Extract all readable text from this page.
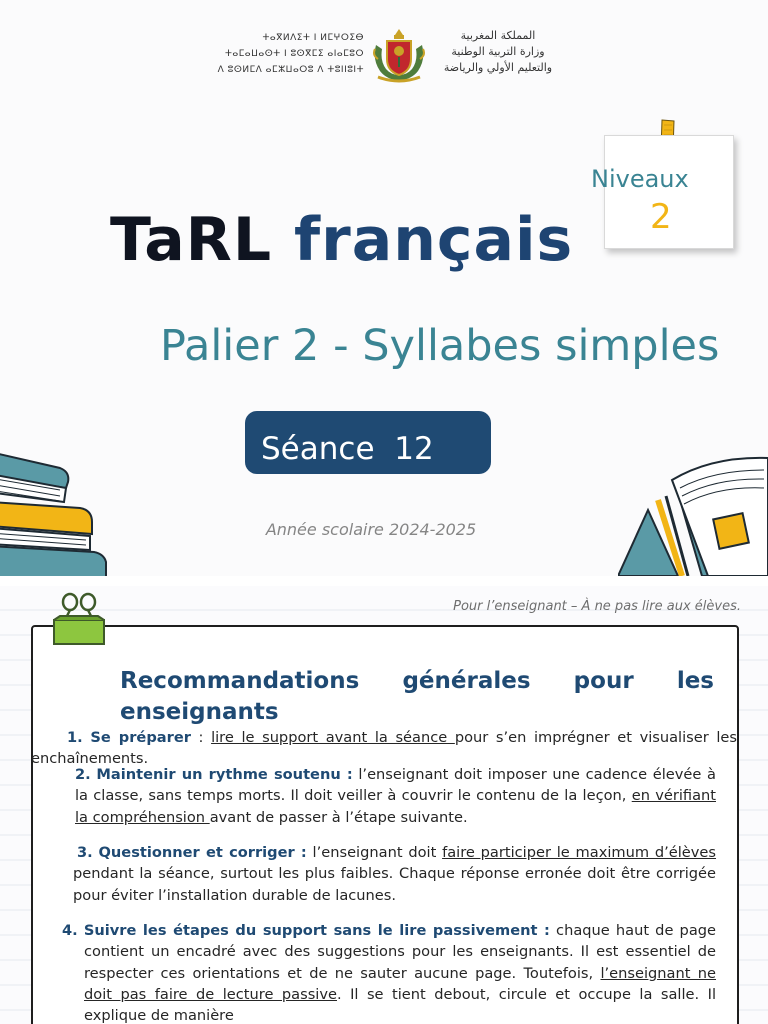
ⵜⴰⴳⵍⴷⵉⵜ ⵏ ⵍⵎⵖⵔⵉⴱ
ⵜⴰⵎⴰⵡⴰⵙⵜ ⵏ ⵓⵙⴳⵎⵉ ⴰⵏⴰⵎⵓⵔ
ⴷ ⵓⵙⵍⵎⴷ ⴰⵎⵣⵡⴰⵔⵓ ⴷ ⵜⵓⵏⵏⵓⵏⵜ
المملكة المغربية
وزارة التربية الوطنية
والتعليم الأولي والرياضة
Niveaux
2
TaRL français
Séance  12
Palier 2 - Syllabes simples
Année scolaire 2024-2025
Pour l’enseignant – À ne pas lire aux élèves.
Recommandations générales pour les enseignants

1. Se préparer : lire le support avant la séance pour s’en imprégner et visualiser les enchaînements.

2. Maintenir un rythme soutenu : l’enseignant doit imposer une cadence élevée à la classe, sans temps morts. Il doit veiller à couvrir le contenu de la leçon, en vérifiant la compréhension avant de passer à l’étape suivante.

3. Questionner et corriger : l’enseignant doit faire participer le maximum d’élèves pendant la séance, surtout les plus faibles. Chaque réponse erronée doit être corrigée pour éviter l’installation durable de lacunes.

4. Suivre les étapes du support sans le lire passivement : chaque haut de page contient un encadré avec des suggestions pour les enseignants. Il est essentiel de respecter ces orientations et de ne sauter aucune page. Toutefois, l’enseignant ne doit pas faire de lecture passive. Il se tient debout, circule et occupe la salle. Il explique de manière
